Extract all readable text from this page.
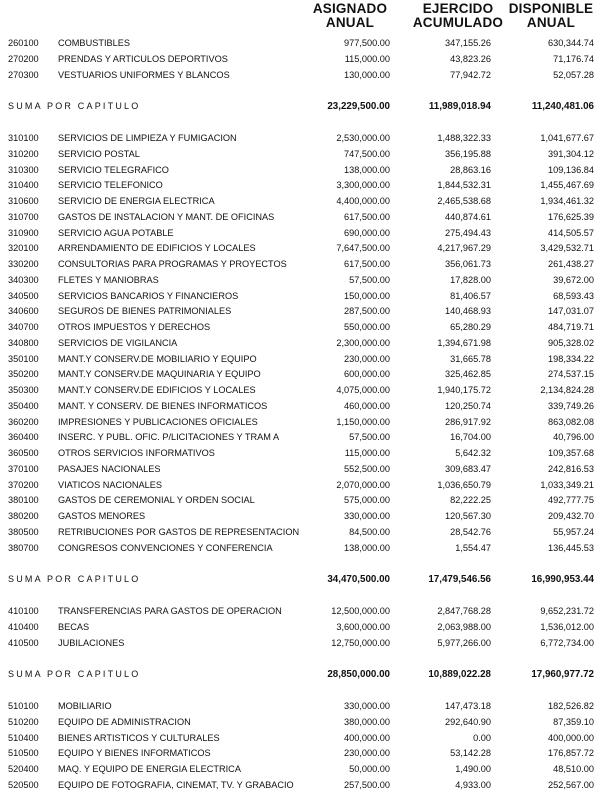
ASIGNADO
ANUAL
EJERCIDO
ACUMULADO
DISPONIBLE
ANUAL
260100 COMBUSTIBLES	977,500.00	347,155.26	630,344.74
270200 PRENDAS Y ARTICULOS DEPORTIVOS	115,000.00	43,823.26	71,176.74
270300 VESTUARIOS UNIFORMES Y BLANCOS	130,000.00	77,942.72	52,057.28
SUMA POR CAPITULO	23,229,500.00	11,989,018.94	11,240,481.06
310100 SERVICIOS DE LIMPIEZA Y FUMIGACION	2,530,000.00	1,488,322.33	1,041,677.67
310200 SERVICIO POSTAL	747,500.00	356,195.88	391,304.12
310300 SERVICIO TELEGRAFICO	138,000.00	28,863.16	109,136.84
310400 SERVICIO TELEFONICO	3,300,000.00	1,844,532.31	1,455,467.69
310600 SERVICIO DE ENERGIA ELECTRICA	4,400,000.00	2,465,538.68	1,934,461.32
310700 GASTOS DE INSTALACION Y MANT. DE OFICINAS	617,500.00	440,874.61	176,625.39
310900 SERVICIO AGUA POTABLE	690,000.00	275,494.43	414,505.57
320100 ARRENDAMIENTO DE EDIFICIOS Y LOCALES	7,647,500.00	4,217,967.29	3,429,532.71
330200 CONSULTORIAS PARA PROGRAMAS Y PROYECTOS	617,500.00	356,061.73	261,438.27
340300 FLETES Y MANIOBRAS	57,500.00	17,828.00	39,672.00
340500 SERVICIOS BANCARIOS Y FINANCIEROS	150,000.00	81,406.57	68,593.43
340600 SEGUROS DE BIENES PATRIMONIALES	287,500.00	140,468.93	147,031.07
340700 OTROS IMPUESTOS Y DERECHOS	550,000.00	65,280.29	484,719.71
340800 SERVICIOS DE VIGILANCIA	2,300,000.00	1,394,671.98	905,328.02
350100 MANT.Y CONSERV.DE MOBILIARIO Y EQUIPO	230,000.00	31,665.78	198,334.22
350200 MANT.Y CONSERV.DE MAQUINARIA Y EQUIPO	600,000.00	325,462.85	274,537.15
350300 MANT.Y CONSERV.DE EDIFICIOS Y LOCALES	4,075,000.00	1,940,175.72	2,134,824.28
350400 MANT. Y CONSERV. DE BIENES INFORMATICOS	460,000.00	120,250.74	339,749.26
360200 IMPRESIONES Y PUBLICACIONES OFICIALES	1,150,000.00	286,917.92	863,082.08
360400 INSERC. Y PUBL. OFIC. P/LICITACIONES Y TRAM A	57,500.00	16,704.00	40,796.00
360500 OTROS SERVICIOS INFORMATIVOS	115,000.00	5,642.32	109,357.68
370100 PASAJES NACIONALES	552,500.00	309,683.47	242,816.53
370200 VIATICOS NACIONALES	2,070,000.00	1,036,650.79	1,033,349.21
380100 GASTOS DE CEREMONIAL Y ORDEN SOCIAL	575,000.00	82,222.25	492,777.75
380200 GASTOS MENORES	330,000.00	120,567.30	209,432.70
380500 RETRIBUCIONES POR GASTOS DE REPRESENTACION	84,500.00	28,542.76	55,957.24
380700 CONGRESOS CONVENCIONES Y CONFERENCIA	138,000.00	1,554.47	136,445.53
SUMA POR CAPITULO	34,470,500.00	17,479,546.56	16,990,953.44
410100 TRANSFERENCIAS PARA GASTOS DE OPERACION	12,500,000.00	2,847,768.28	9,652,231.72
410400 BECAS	3,600,000.00	2,063,988.00	1,536,012.00
410500 JUBILACIONES	12,750,000.00	5,977,266.00	6,772,734.00
SUMA POR CAPITULO	28,850,000.00	10,889,022.28	17,960,977.72
510100 MOBILIARIO	330,000.00	147,473.18	182,526.82
510200 EQUIPO DE ADMINISTRACION	380,000.00	292,640.90	87,359.10
510400 BIENES ARTISTICOS Y CULTURALES	400,000.00	0.00	400,000.00
510500 EQUIPO Y BIENES INFORMATICOS	230,000.00	53,142.28	176,857.72
520400 MAQ. Y EQUIPO DE ENERGIA ELECTRICA	50,000.00	1,490.00	48,510.00
520500 EQUIPO DE FOTOGRAFIA, CINEMAT, TV. Y GRABACIO	257,500.00	4,933.00	252,567.00
